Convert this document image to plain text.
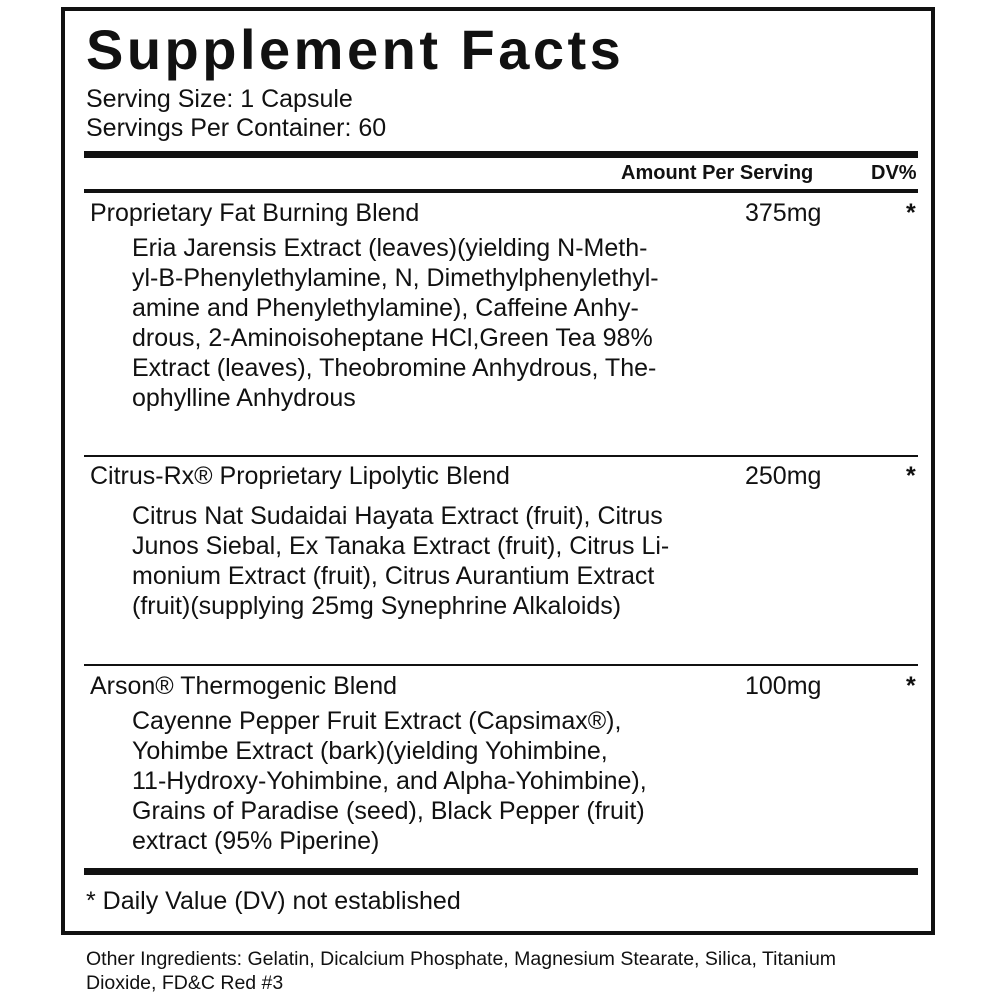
Supplement Facts
Serving Size: 1 Capsule
Servings Per Container: 60
Amount Per Serving	DV%
Proprietary Fat Burning Blend	375mg	*
Eria Jarensis Extract (leaves)(yielding N-Meth-
yl-B-Phenylethylamine, N, Dimethylphenylethyl-
amine and Phenylethylamine), Caffeine Anhy-
drous, 2-Aminoisoheptane HCl,Green Tea 98%
Extract (leaves), Theobromine Anhydrous, The-
ophylline Anhydrous
Citrus-Rx® Proprietary Lipolytic Blend	250mg	*
Citrus Nat Sudaidai Hayata Extract (fruit), Citrus
Junos Siebal, Ex Tanaka Extract (fruit), Citrus Li-
monium Extract (fruit), Citrus Aurantium Extract
(fruit)(supplying 25mg Synephrine Alkaloids)
Arson® Thermogenic Blend	100mg	*
Cayenne Pepper Fruit Extract (Capsimax®),
Yohimbe Extract (bark)(yielding Yohimbine,
11-Hydroxy-Yohimbine, and Alpha-Yohimbine),
Grains of Paradise (seed), Black Pepper (fruit)
extract (95% Piperine)
* Daily Value (DV) not established
Other Ingredients: Gelatin, Dicalcium Phosphate, Magnesium Stearate, Silica, Titanium
Dioxide, FD&C Red #3
